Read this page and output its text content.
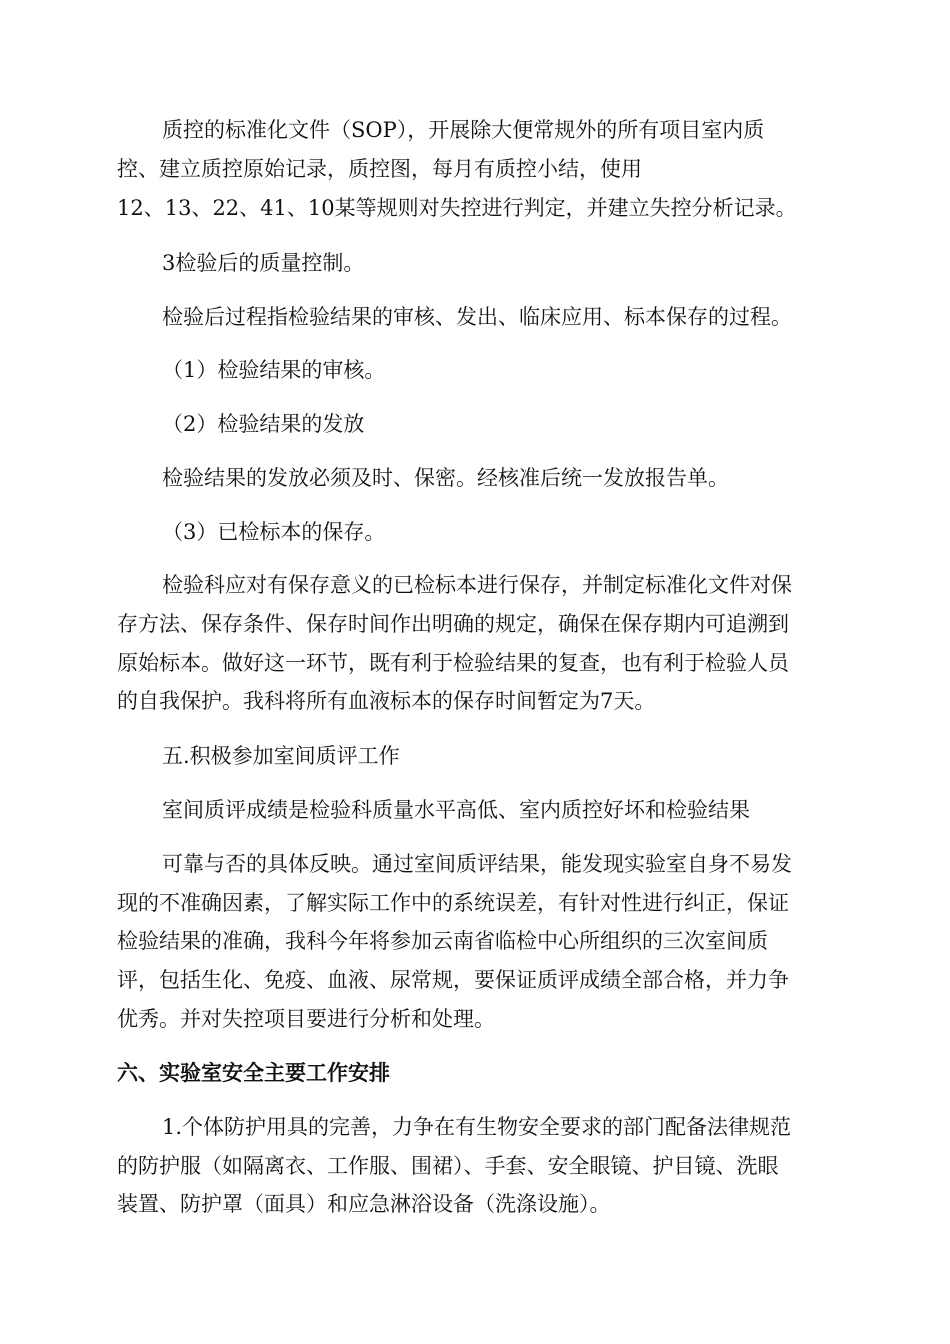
质控的标准化文件（SOP），开展除大便常规外的所有项目室内质

控、建立质控原始记录，质控图，每月有质控小结，使用

12、13、22、41、10某等规则对失控进行判定，并建立失控分析记录。

3检验后的质量控制。

检验后过程指检验结果的审核、发出、临床应用、标本保存的过程。

（1）检验结果的审核。

（2）检验结果的发放

检验结果的发放必须及时、保密。经核准后统一发放报告单。

（3）已检标本的保存。

检验科应对有保存意义的已检标本进行保存，并制定标准化文件对保

存方法、保存条件、保存时间作出明确的规定，确保在保存期内可追溯到

原始标本。做好这一环节，既有利于检验结果的复查，也有利于检验人员

的自我保护。我科将所有血液标本的保存时间暂定为7天。

五.积极参加室间质评工作

室间质评成绩是检验科质量水平高低、室内质控好坏和检验结果

可靠与否的具体反映。通过室间质评结果，能发现实验室自身不易发

现的不准确因素，了解实际工作中的系统误差，有针对性进行纠正，保证

检验结果的准确，我科今年将参加云南省临检中心所组织的三次室间质

评，包括生化、免疫、血液、尿常规，要保证质评成绩全部合格，并力争

优秀。并对失控项目要进行分析和处理。

六、实验室安全主要工作安排

1.个体防护用具的完善，力争在有生物安全要求的部门配备法律规范

的防护服（如隔离衣、工作服、围裙）、手套、安全眼镜、护目镜、洗眼

装置、防护罩（面具）和应急淋浴设备（洗涤设施）。
